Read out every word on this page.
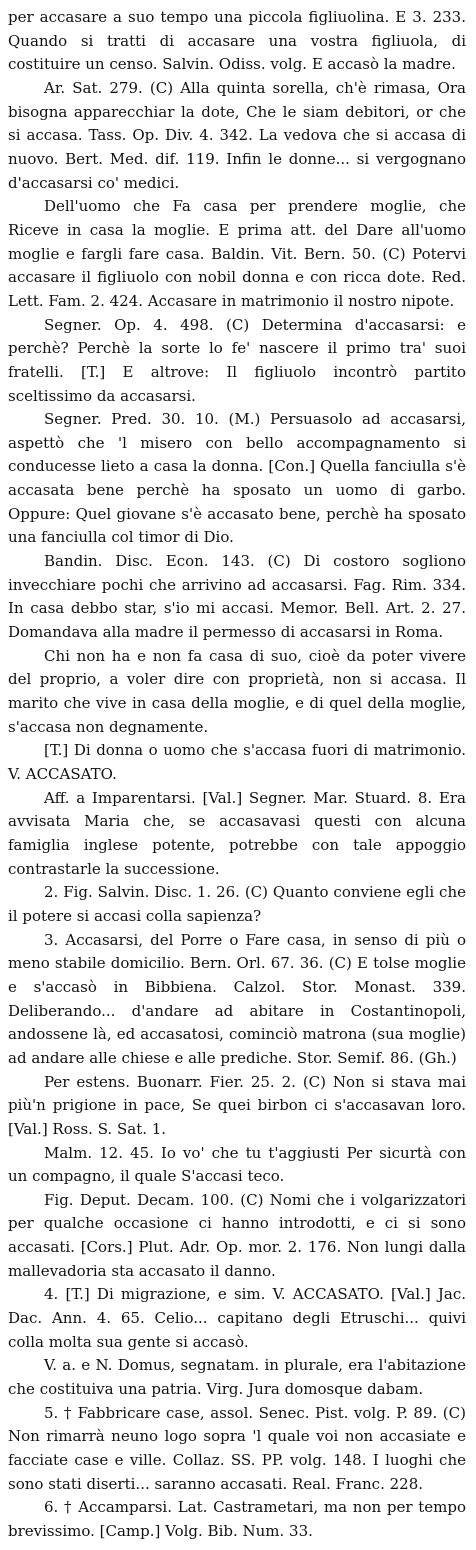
per accasare a suo tempo una piccola figliuolina. E 3. 233. Quando si tratti di accasare una vostra figliuola, di costituire un censo. Salvin. Odiss. volg. E accasò la madre.

Ar. Sat. 279. (C) Alla quinta sorella, ch'è rimasa, Ora bisogna apparecchiar la dote, Che le siam debitori, or che si accasa. Tass. Op. Div. 4. 342. La vedova che si accasa di nuovo. Bert. Med. dif. 119. Infin le donne... si vergognano d'accasarsi co' medici.

Dell'uomo che Fa casa per prendere moglie, che Riceve in casa la moglie. E prima att. del Dare all'uomo moglie e fargli fare casa. Baldin. Vit. Bern. 50. (C) Potervi accasare il figliuolo con nobil donna e con ricca dote. Red. Lett. Fam. 2. 424. Accasare in matrimonio il nostro nipote.

Segner. Op. 4. 498. (C) Determina d'accasarsi: e perchè? Perchè la sorte lo fe' nascere il primo tra' suoi fratelli. [T.] E altrove: Il figliuolo incontrò partito sceltissimo da accasarsi.

Segner. Pred. 30. 10. (M.) Persuasolo ad accasarsi, aspettò che 'l misero con bello accompagnamento si conducesse lieto a casa la donna. [Con.] Quella fanciulla s'è accasata bene perchè ha sposato un uomo di garbo. Oppure: Quel giovane s'è accasato bene, perchè ha sposato una fanciulla col timor di Dio.

Bandin. Disc. Econ. 143. (C) Di costoro sogliono invecchiare pochi che arrivino ad accasarsi. Fag. Rim. 334. In casa debbo star, s'io mi accasi. Memor. Bell. Art. 2. 27. Domandava alla madre il permesso di accasarsi in Roma.

Chi non ha e non fa casa di suo, cioè da poter vivere del proprio, a voler dire con proprietà, non si accasa. Il marito che vive in casa della moglie, e di quel della moglie, s'accasa non degnamente.

[T.] Di donna o uomo che s'accasa fuori di matrimonio. V. ACCASATO.

Aff. a Imparentarsi. [Val.] Segner. Mar. Stuard. 8. Era avvisata Maria che, se accasavasi questi con alcuna famiglia inglese potente, potrebbe con tale appoggio contrastarle la successione.

2. Fig. Salvin. Disc. 1. 26. (C) Quanto conviene egli che il potere si accasi colla sapienza?

3. Accasarsi, del Porre o Fare casa, in senso di più o meno stabile domicilio. Bern. Orl. 67. 36. (C) E tolse moglie e s'accasò in Bibbiena. Calzol. Stor. Monast. 339. Deliberando... d'andare ad abitare in Costantinopoli, andossene là, ed accasatosi, cominciò matrona (sua moglie) ad andare alle chiese e alle prediche. Stor. Semif. 86. (Gh.)

Per estens. Buonarr. Fier. 25. 2. (C) Non si stava mai più'n prigione in pace, Se quei birbon ci s'accasavan loro. [Val.] Ross. S. Sat. 1.

Malm. 12. 45. Io vo' che tu t'aggiusti Per sicurtà con un compagno, il quale S'accasi teco.

Fig. Deput. Decam. 100. (C) Nomi che i volgarizzatori per qualche occasione ci hanno introdotti, e ci si sono accasati. [Cors.] Plut. Adr. Op. mor. 2. 176. Non lungi dalla mallevadoria sta accasato il danno.

4. [T.] Di migrazione, e sim. V. ACCASATO. [Val.] Jac. Dac. Ann. 4. 65. Celio... capitano degli Etruschi... quivi colla molta sua gente si accasò.

V. a. e N. Domus, segnatam. in plurale, era l'abitazione che costituiva una patria. Virg. Jura domosque dabam.

5. † Fabbricare case, assol. Senec. Pist. volg. P. 89. (C) Non rimarrà neuno logo sopra 'l quale voi non accasiate e facciate case e ville. Collaz. SS. PP. volg. 148. I luoghi che sono stati diserti... saranno accasati. Real. Franc. 228.

6. † Accamparsi. Lat. Castrametari, ma non per tempo brevissimo. [Camp.] Volg. Bib. Num. 33.
